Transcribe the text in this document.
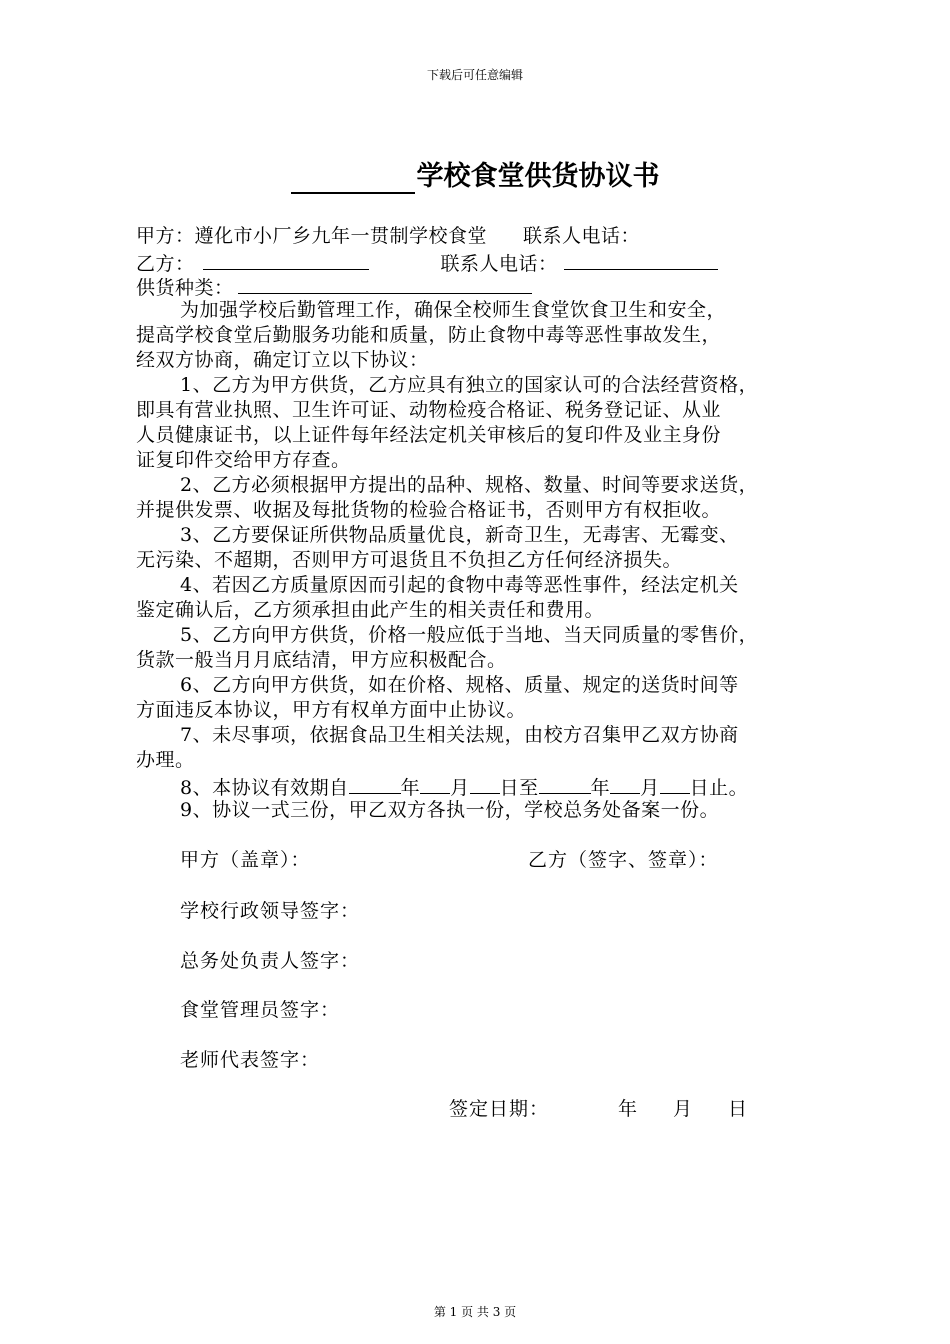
下载后可任意编辑
学校食堂供货协议书
甲方：遵化市小厂乡九年一贯制学校食堂 联系人电话：
乙方：	联系人电话：
供货种类：
为加强学校后勤管理工作，确保全校师生食堂饮食卫生和安全，
提高学校食堂后勤服务功能和质量，防止食物中毒等恶性事故发生，
经双方协商，确定订立以下协议：
1、乙方为甲方供货，乙方应具有独立的国家认可的合法经营资格，
即具有营业执照、卫生许可证、动物检疫合格证、税务登记证、从业
人员健康证书，以上证件每年经法定机关审核后的复印件及业主身份
证复印件交给甲方存查。
2、乙方必须根据甲方提出的品种、规格、数量、时间等要求送货，
并提供发票、收据及每批货物的检验合格证书，否则甲方有权拒收。
3、乙方要保证所供物品质量优良，新奇卫生，无毒害、无霉变、
无污染、不超期，否则甲方可退货且不负担乙方任何经济损失。
4、若因乙方质量原因而引起的食物中毒等恶性事件，经法定机关
鉴定确认后，乙方须承担由此产生的相关责任和费用。
5、乙方向甲方供货，价格一般应低于当地、当天同质量的零售价，
货款一般当月月底结清，甲方应积极配合。
6、乙方向甲方供货，如在价格、规格、质量、规定的送货时间等
方面违反本协议，甲方有权单方面中止协议。
7、未尽事项，依据食品卫生相关法规，由校方召集甲乙双方协商
办理。
8、本协议有效期自	年 月 日至	年 月 日止。
9、协议一式三份，甲乙双方各执一份，学校总务处备案一份。
甲方（盖章）：	乙方（签字、签章）：
学校行政领导签字：
总务处负责人签字：
食堂管理员签字：
老师代表签字：
签定日期：	年 月 日
第 1 页 共 3 页
